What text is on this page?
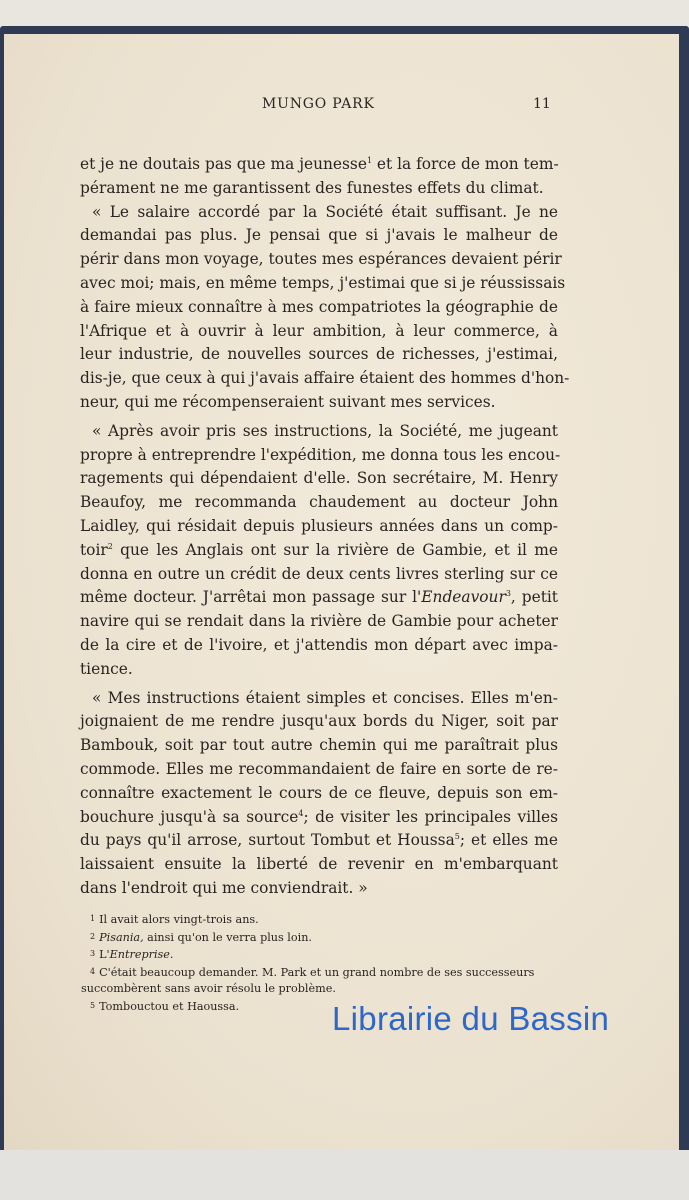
MUNGO PARK	11
et je ne doutais pas que ma jeunesse$^1$ et la force de mon tem-
pérament ne me garantissent des funestes effets du climat.
« Le salaire accordé par la Société était suffisant. Je ne
demandai pas plus. Je pensai que si j'avais le malheur de
périr dans mon voyage, toutes mes espérances devaient périr
avec moi; mais, en même temps, j'estimai que si je réussissais
à faire mieux connaître à mes compatriotes la géographie de
l'Afrique et à ouvrir à leur ambition, à leur commerce, à
leur industrie, de nouvelles sources de richesses, j'estimai,
dis-je, que ceux à qui j'avais affaire étaient des hommes d'hon-
neur, qui me récompenseraient suivant mes services.
« Après avoir pris ses instructions, la Société, me jugeant
propre à entreprendre l'expédition, me donna tous les encou-
ragements qui dépendaient d'elle. Son secrétaire, M. Henry
Beaufoy, me recommanda chaudement au docteur John
Laidley, qui résidait depuis plusieurs années dans un comp-
toir$^2$ que les Anglais ont sur la rivière de Gambie, et il me
donna en outre un crédit de deux cents livres sterling sur ce
même docteur. J'arrêtai mon passage sur l'Endeavour$^3$, petit
navire qui se rendait dans la rivière de Gambie pour acheter
de la cire et de l'ivoire, et j'attendis mon départ avec impa-
tience.
« Mes instructions étaient simples et concises. Elles m'en-
joignaient de me rendre jusqu'aux bords du Niger, soit par
Bambouk, soit par tout autre chemin qui me paraîtrait plus
commode. Elles me recommandaient de faire en sorte de re-
connaître exactement le cours de ce fleuve, depuis son em-
bouchure jusqu'à sa source$^4$; de visiter les principales villes
du pays qu'il arrose, surtout Tombut et Houssa$^5$; et elles me
laissaient ensuite la liberté de revenir en m'embarquant
dans l'endroit qui me conviendrait. »
1 Il avait alors vingt-trois ans.
2 Pisania, ainsi qu'on le verra plus loin.
3 L'Entreprise.
4 C'était beaucoup demander. M. Park et un grand nombre de ses successeurs
succombèrent sans avoir résolu le problème.
5 Tombouctou et Haoussa.	Librairie du Bassin
